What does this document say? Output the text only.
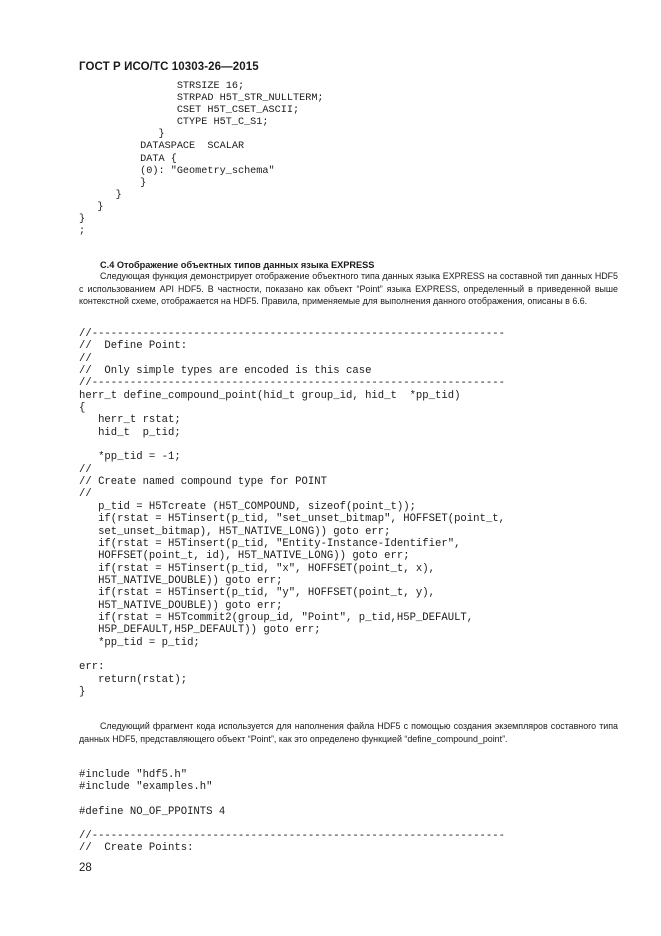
ГОСТ Р ИСО/ТС 10303-26—2015
STRSIZE 16;
STRPAD H5T_STR_NULLTERM;
CSET H5T_CSET_ASCII;
CTYPE H5T_C_S1;
}
DATASPACE  SCALAR
DATA {
(0): "Geometry_schema"
}
}
}
}
;
C.4 Отображение объектных типов данных языка EXPRESS

Следующая функция демонстрирует отображение объектного типа данных языка EXPRESS на составной тип данных HDF5 с использованием API HDF5. В частности, показано как объект “Point” языка EXPRESS, определенный в приведенной выше контекстной схеме, отображается на HDF5. Правила, применяемые для выполнения данного отображения, описаны в 6.6.

//-----------------------------------------------------------------
//  Define Point:
//
//  Only simple types are encoded is this case
//-----------------------------------------------------------------
herr_t define_compound_point(hid_t group_id, hid_t  *pp_tid)
{
herr_t rstat;
hid_t  p_tid;
*pp_tid = -1;
//
// Create named compound type for POINT
//
p_tid = H5Tcreate (H5T_COMPOUND, sizeof(point_t));
if(rstat = H5Tinsert(p_tid, "set_unset_bitmap", HOFFSET(point_t,
set_unset_bitmap), H5T_NATIVE_LONG)) goto err;
if(rstat = H5Tinsert(p_tid, "Entity-Instance-Identifier",
HOFFSET(point_t, id), H5T_NATIVE_LONG)) goto err;
if(rstat = H5Tinsert(p_tid, "x", HOFFSET(point_t, x),
H5T_NATIVE_DOUBLE)) goto err;
if(rstat = H5Tinsert(p_tid, "y", HOFFSET(point_t, y),
H5T_NATIVE_DOUBLE)) goto err;
if(rstat = H5Tcommit2(group_id, "Point", p_tid,H5P_DEFAULT,
H5P_DEFAULT,H5P_DEFAULT)) goto err;
*pp_tid = p_tid;
err:
return(rstat);
}

Следующий фрагмент кода используется для наполнения файла HDF5 с помощью создания экземпляров составного типа данных HDF5, представляющего объект “Point”, как это определено функцией “define_compound_point”.

#include "hdf5.h"
#include "examples.h"
#define NO_OF_PPOINTS 4
//-----------------------------------------------------------------
//  Create Points:
28
